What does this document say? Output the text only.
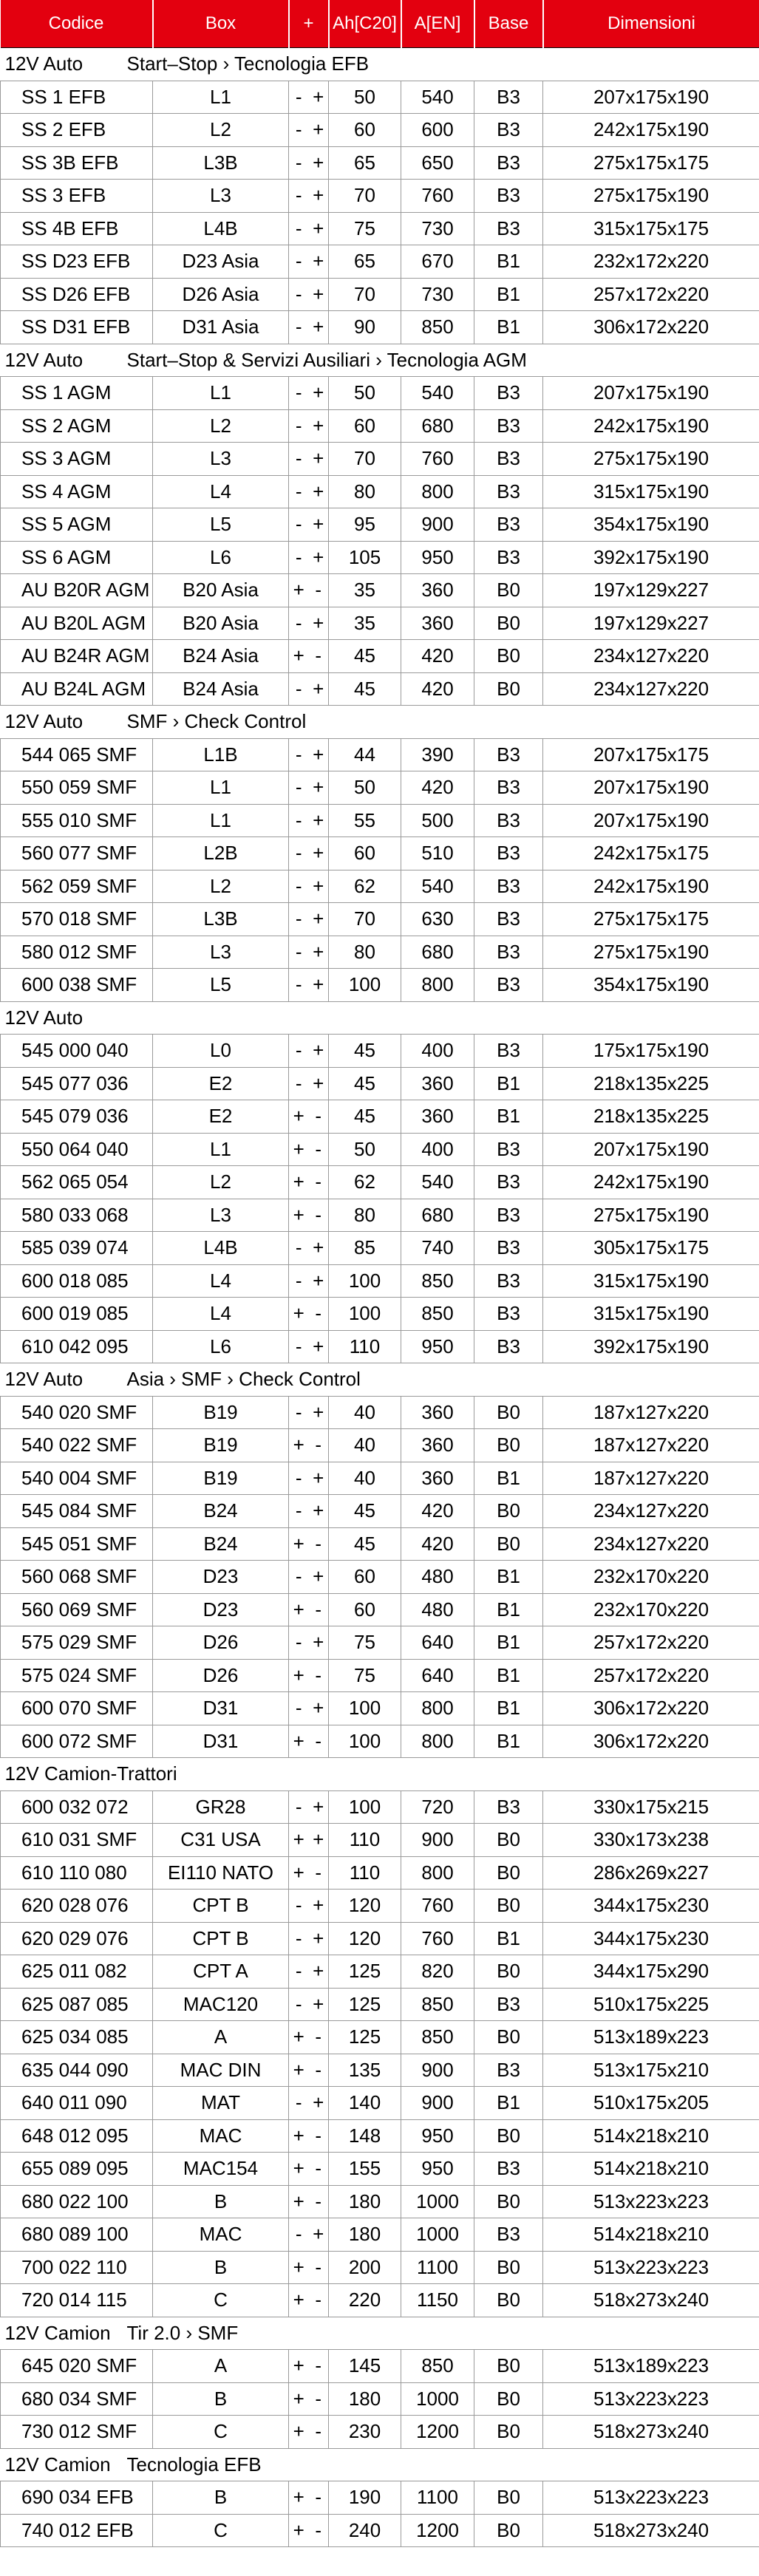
Codice	Box	+		Ah[C20]	A[EN]	Base	Dimensioni
12V Auto Start–Stop › Tecnologia EFB							
SS 1 EFB	L1	-	+	50	540	B3	207x175x190
SS 2 EFB	L2	-	+	60	600	B3	242x175x190
SS 3B EFB	L3B	-	+	65	650	B3	275x175x175
SS 3 EFB	L3	-	+	70	760	B3	275x175x190
SS 4B EFB	L4B	-	+	75	730	B3	315x175x175
SS D23 EFB	D23 Asia	-	+	65	670	B1	232x172x220
SS D26 EFB	D26 Asia	-	+	70	730	B1	257x172x220
SS D31 EFB	D31 Asia	-	+	90	850	B1	306x172x220
12V Auto Start–Stop & Servizi Ausiliari › Tecnologia AGM							
SS 1 AGM	L1	-	+	50	540	B3	207x175x190
SS 2 AGM	L2	-	+	60	680	B3	242x175x190
SS 3 AGM	L3	-	+	70	760	B3	275x175x190
SS 4 AGM	L4	-	+	80	800	B3	315x175x190
SS 5 AGM	L5	-	+	95	900	B3	354x175x190
SS 6 AGM	L6	-	+	105	950	B3	392x175x190
AU B20R AGM	B20 Asia	+	-	35	360	B0	197x129x227
AU B20L AGM	B20 Asia	-	+	35	360	B0	197x129x227
AU B24R AGM	B24 Asia	+	-	45	420	B0	234x127x220
AU B24L AGM	B24 Asia	-	+	45	420	B0	234x127x220
12V Auto SMF › Check Control							
544 065 SMF	L1B	-	+	44	390	B3	207x175x175
550 059 SMF	L1	-	+	50	420	B3	207x175x190
555 010 SMF	L1	-	+	55	500	B3	207x175x190
560 077 SMF	L2B	-	+	60	510	B3	242x175x175
562 059 SMF	L2	-	+	62	540	B3	242x175x190
570 018 SMF	L3B	-	+	70	630	B3	275x175x175
580 012 SMF	L3	-	+	80	680	B3	275x175x190
600 038 SMF	L5	-	+	100	800	B3	354x175x190
12V Auto							
545 000 040	L0	-	+	45	400	B3	175x175x190
545 077 036	E2	-	+	45	360	B1	218x135x225
545 079 036	E2	+	-	45	360	B1	218x135x225
550 064 040	L1	+	-	50	400	B3	207x175x190
562 065 054	L2	+	-	62	540	B3	242x175x190
580 033 068	L3	+	-	80	680	B3	275x175x190
585 039 074	L4B	-	+	85	740	B3	305x175x175
600 018 085	L4	-	+	100	850	B3	315x175x190
600 019 085	L4	+	-	100	850	B3	315x175x190
610 042 095	L6	-	+	110	950	B3	392x175x190
12V Auto Asia › SMF › Check Control							
540 020 SMF	B19	-	+	40	360	B0	187x127x220
540 022 SMF	B19	+	-	40	360	B0	187x127x220
540 004 SMF	B19	-	+	40	360	B1	187x127x220
545 084 SMF	B24	-	+	45	420	B0	234x127x220
545 051 SMF	B24	+	-	45	420	B0	234x127x220
560 068 SMF	D23	-	+	60	480	B1	232x170x220
560 069 SMF	D23	+	-	60	480	B1	232x170x220
575 029 SMF	D26	-	+	75	640	B1	257x172x220
575 024 SMF	D26	+	-	75	640	B1	257x172x220
600 070 SMF	D31	-	+	100	800	B1	306x172x220
600 072 SMF	D31	+	-	100	800	B1	306x172x220
12V Camion-Trattori							
600 032 072	GR28	-	+	100	720	B3	330x175x215
610 031 SMF	C31 USA	+	+	110	900	B0	330x173x238
610 110 080	EI110 NATO	+	-	110	800	B0	286x269x227
620 028 076	CPT B	-	+	120	760	B0	344x175x230
620 029 076	CPT B	-	+	120	760	B1	344x175x230
625 011 082	CPT A	-	+	125	820	B0	344x175x290
625 087 085	MAC120	-	+	125	850	B3	510x175x225
625 034 085	A	+	-	125	850	B0	513x189x223
635 044 090	MAC DIN	+	-	135	900	B3	513x175x210
640 011 090	MAT	-	+	140	900	B1	510x175x205
648 012 095	MAC	+	-	148	950	B0	514x218x210
655 089 095	MAC154	+	-	155	950	B3	514x218x210
680 022 100	B	+	-	180	1000	B0	513x223x223
680 089 100	MAC	-	+	180	1000	B3	514x218x210
700 022 110	B	+	-	200	1100	B0	513x223x223
720 014 115	C	+	-	220	1150	B0	518x273x240
12V Camion Tir 2.0 › SMF							
645 020 SMF	A	+	-	145	850	B0	513x189x223
680 034 SMF	B	+	-	180	1000	B0	513x223x223
730 012 SMF	C	+	-	230	1200	B0	518x273x240
12V Camion Tecnologia EFB							
690 034 EFB	B	+	-	190	1100	B0	513x223x223
740 012 EFB	C	+	-	240	1200	B0	518x273x240
